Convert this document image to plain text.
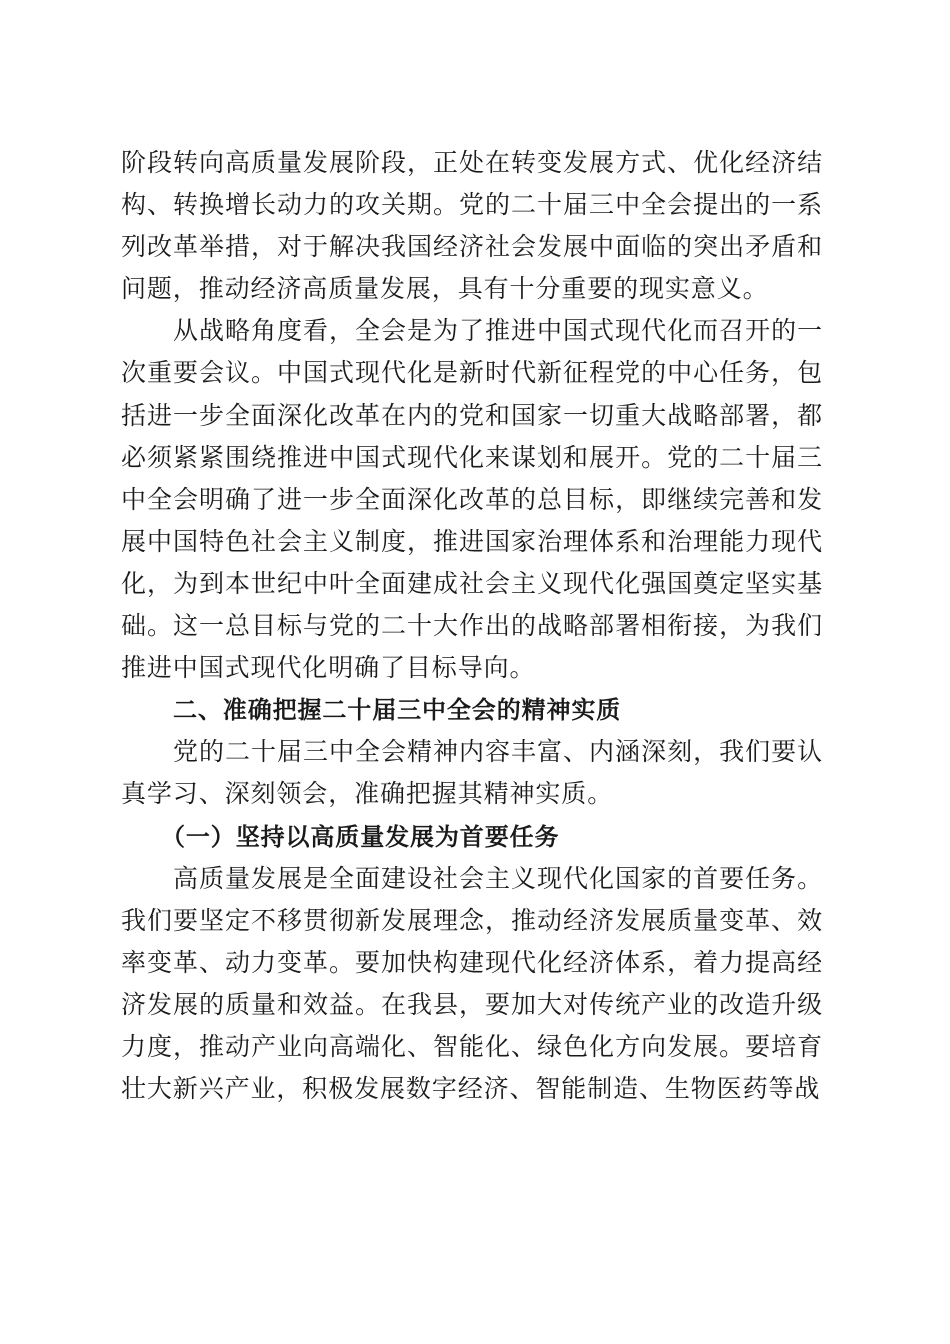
阶段转向高质量发展阶段，正处在转变发展方式、优化经济结构、转换增长动力的攻关期。党的二十届三中全会提出的一系列改革举措，对于解决我国经济社会发展中面临的突出矛盾和问题，推动经济高质量发展，具有十分重要的现实意义。

从战略角度看，全会是为了推进中国式现代化而召开的一次重要会议。中国式现代化是新时代新征程党的中心任务，包括进一步全面深化改革在内的党和国家一切重大战略部署，都必须紧紧围绕推进中国式现代化来谋划和展开。党的二十届三中全会明确了进一步全面深化改革的总目标，即继续完善和发展中国特色社会主义制度，推进国家治理体系和治理能力现代化，为到本世纪中叶全面建成社会主义现代化强国奠定坚实基础。这一总目标与党的二十大作出的战略部署相衔接，为我们推进中国式现代化明确了目标导向。

二、准确把握二十届三中全会的精神实质

党的二十届三中全会精神内容丰富、内涵深刻，我们要认真学习、深刻领会，准确把握其精神实质。

（一）坚持以高质量发展为首要任务

高质量发展是全面建设社会主义现代化国家的首要任务。我们要坚定不移贯彻新发展理念，推动经济发展质量变革、效率变革、动力变革。要加快构建现代化经济体系，着力提高经济发展的质量和效益。在我县，要加大对传统产业的改造升级力度，推动产业向高端化、智能化、绿色化方向发展。要培育壮大新兴产业，积极发展数字经济、智能制造、生物医药等战
